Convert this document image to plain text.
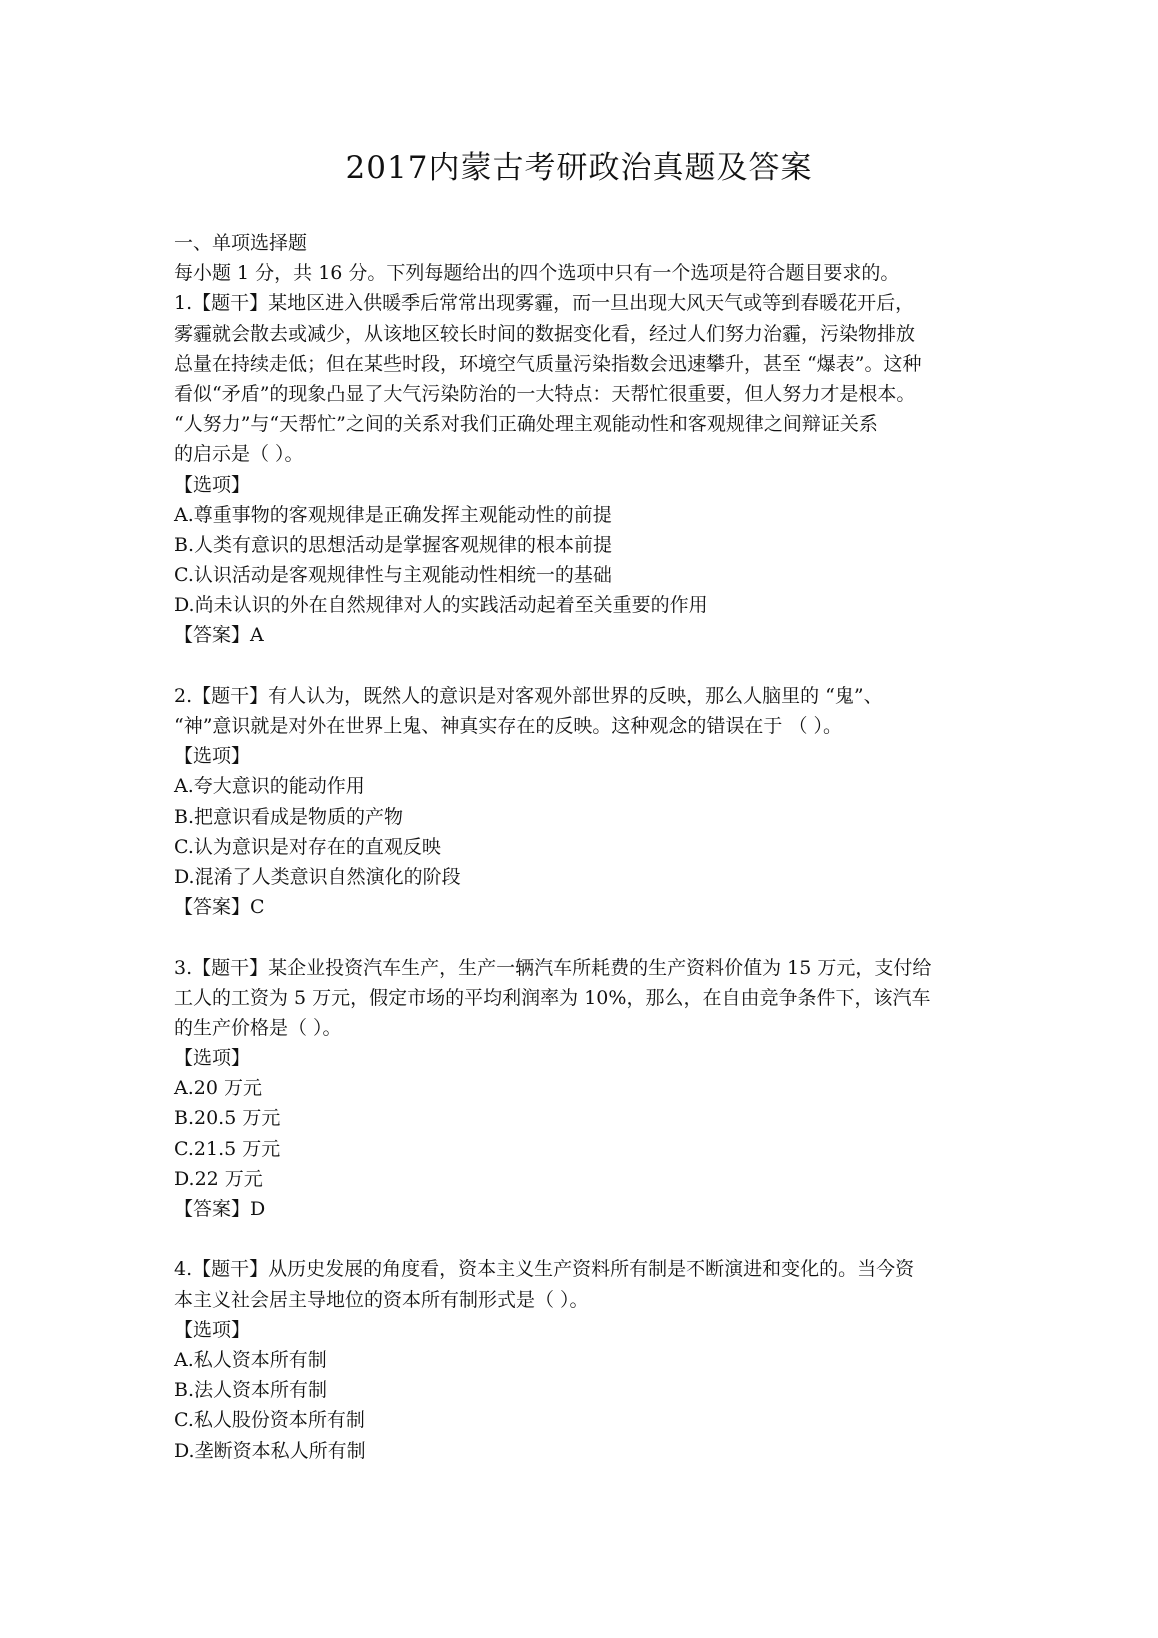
2017内蒙古考研政治真题及答案
一、单项选择题
每小题 1 分，共 16 分。下列每题给出的四个选项中只有一个选项是符合题目要求的。
1.【题干】某地区进入供暖季后常常出现雾霾，而一旦出现大风天气或等到春暖花开后，
雾霾就会散去或减少，从该地区较长时间的数据变化看，经过人们努力治霾，污染物排放
总量在持续走低；但在某些时段，环境空气质量污染指数会迅速攀升，甚至 “爆表”。这种
看似“矛盾”的现象凸显了大气污染防治的一大特点：天帮忙很重要，但人努力才是根本。
“人努力”与“天帮忙”之间的关系对我们正确处理主观能动性和客观规律之间辩证关系
的启示是（ ）。
【选项】
A.尊重事物的客观规律是正确发挥主观能动性的前提
B.人类有意识的思想活动是掌握客观规律的根本前提
C.认识活动是客观规律性与主观能动性相统一的基础
D.尚未认识的外在自然规律对人的实践活动起着至关重要的作用
【答案】A
2.【题干】有人认为，既然人的意识是对客观外部世界的反映，那么人脑里的 “鬼”、
“神”意识就是对外在世界上鬼、神真实存在的反映。这种观念的错误在于 （ ）。
【选项】
A.夸大意识的能动作用
B.把意识看成是物质的产物
C.认为意识是对存在的直观反映
D.混淆了人类意识自然演化的阶段
【答案】C
3.【题干】某企业投资汽车生产，生产一辆汽车所耗费的生产资料价值为 15 万元，支付给
工人的工资为 5 万元，假定市场的平均利润率为 10%，那么，在自由竞争条件下，该汽车
的生产价格是（ ）。
【选项】
A.20 万元
B.20.5 万元
C.21.5 万元
D.22 万元
【答案】D
4.【题干】从历史发展的角度看，资本主义生产资料所有制是不断演进和变化的。当今资
本主义社会居主导地位的资本所有制形式是（ ）。
【选项】
A.私人资本所有制
B.法人资本所有制
C.私人股份资本所有制
D.垄断资本私人所有制
